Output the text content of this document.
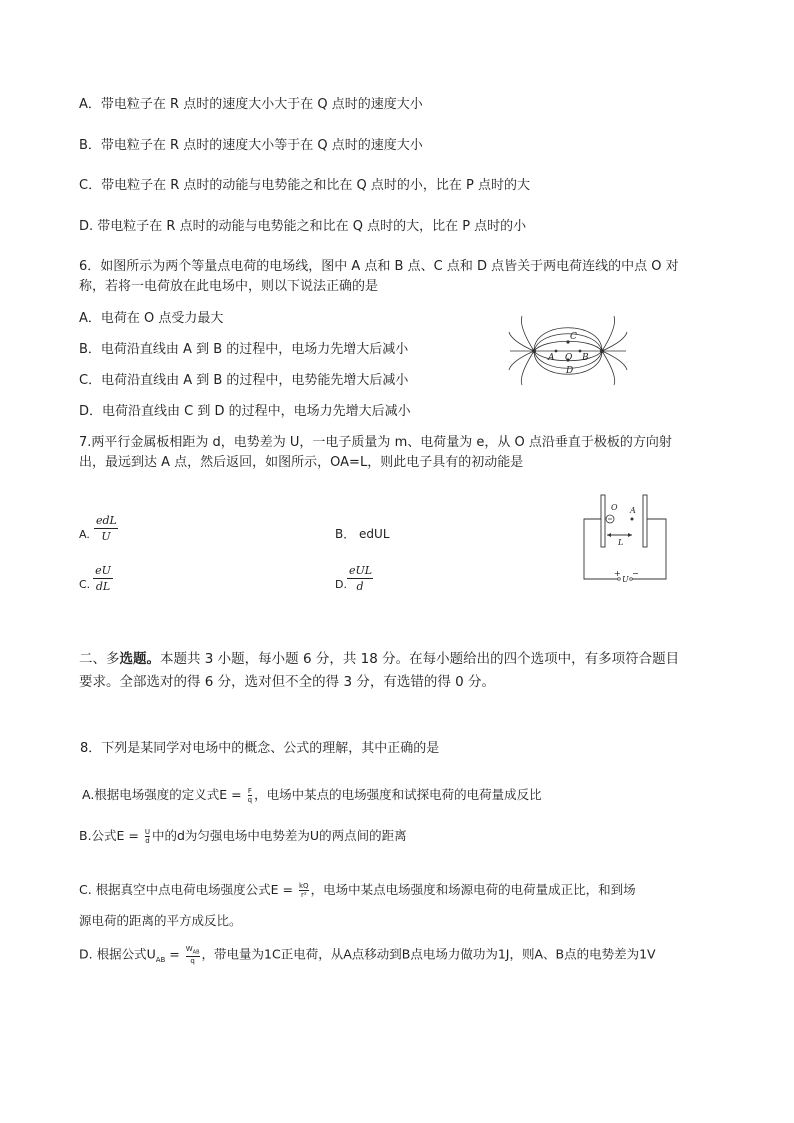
A．带电粒子在 R 点时的速度大小大于在 Q 点时的速度大小
B．带电粒子在 R 点时的速度大小等于在 Q 点时的速度大小
C．带电粒子在 R 点时的动能与电势能之和比在 Q 点时的小，比在 P 点时的大
D. 带电粒子在 R 点时的动能与电势能之和比在 Q 点时的大，比在 P 点时的小
6．如图所示为两个等量点电荷的电场线，图中 A 点和 B 点、C 点和 D 点皆关于两电荷连线的中点 O 对
称，若将一电荷放在此电场中，则以下说法正确的是
A．电荷在 O 点受力最大
B．电荷沿直线由 A 到 B 的过程中，电场力先增大后减小
C．电荷沿直线由 A 到 B 的过程中，电势能先增大后减小
D．电荷沿直线由 C 到 D 的过程中，电场力先增大后减小
C
A O B
D
7.两平行金属板相距为 d，电势差为 U，一电子质量为 m、电荷量为 e，从 O 点沿垂直于极板的方向射
出，最远到达 A 点，然后返回，如图所示，OA=L，则此电子具有的初动能是
A.
edL
U	B． edUL
C.
eU
dL	D.
eUL
d
O A
L
U
+ −
二、多选题。本题共 3 小题，每小题 6 分，共 18 分。在每小题给出的四个选项中，有多项符合题目
要求。全部选对的得 6 分，选对但不全的得 3 分，有选错的得 0 分。
8．下列是某同学对电场中的概念、公式的理解，其中正确的是
A.根据电场强度的定义式$E = \frac{F}{q}$ ，电场中某点的电场强度和试探电荷的电荷量成反比
B.公式$E = \frac{U}{d}$ 中的d为匀强电场中电势差为U的两点间的距离
C. 根据真空中点电荷电场强度公式$E = \frac{kQ}{\text{r²}}$ ，电场中某点电场强度和场源电荷的电荷量成正比，和到场
源电荷的距离的平方成反比。
D. 根据公式$U_{AB} = W_{AB}$
q ，带电量为1C正电荷，从A点移动到B点电场力做功为1J，则A、B点的电势差为1V
